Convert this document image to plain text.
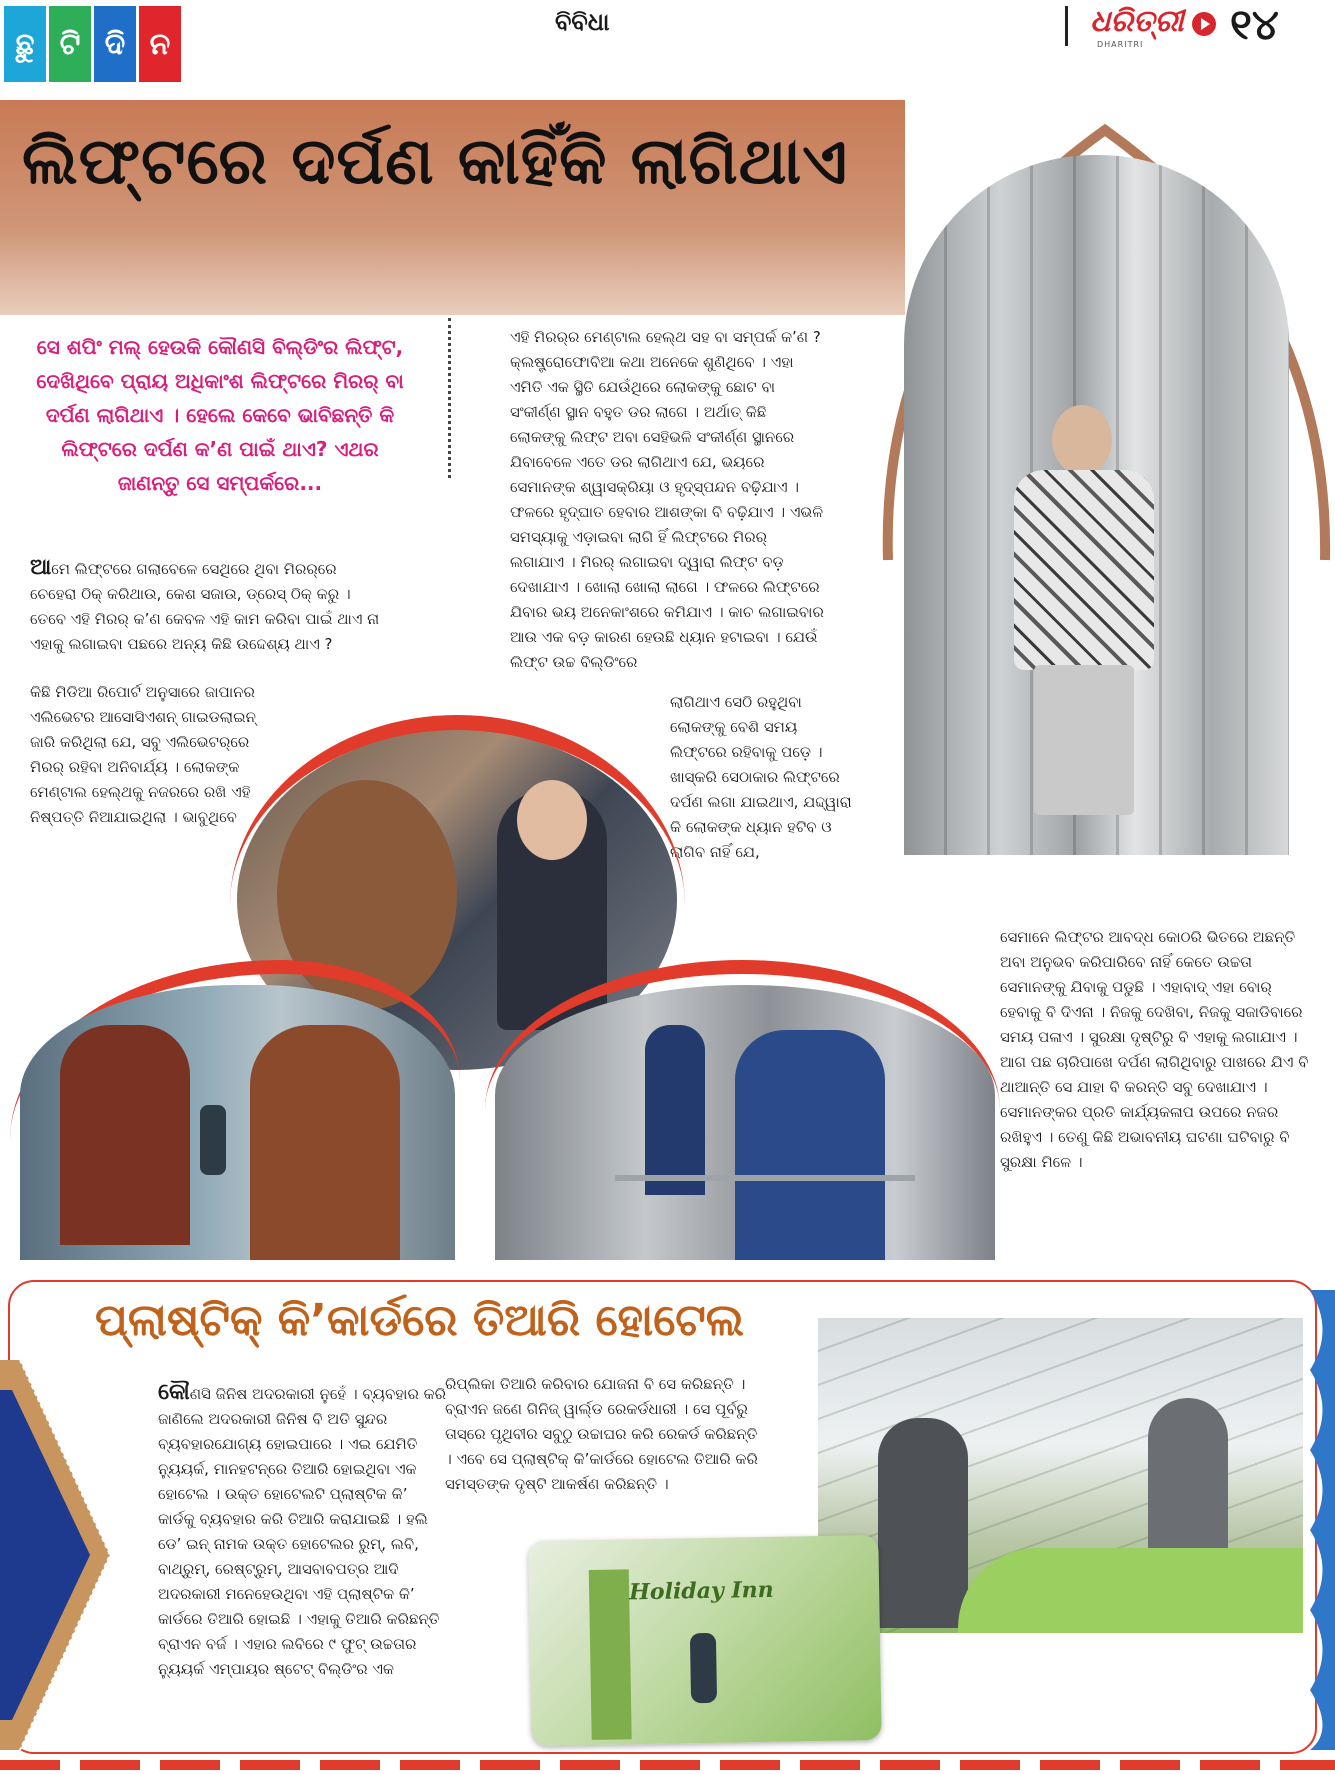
ଛୁ ଟି ଦି ନ
ବିବିଧା	ଧରିତ୍ରୀ
DHARITRI ୧୪
ଲିଫ୍ଟରେ ଦର୍ପଣ କାହିଁକି ଲାଗିଥାଏ
ସେ ଶପିଂ ମଲ୍ ହେଉକି କୌଣସି ବିଲ୍ଡିଂର ଲିଫ୍ଟ, ଦେଖିଥିବେ ପ୍ରାୟ ଅଧିକାଂଶ ଲିଫ୍ଟରେ ମିରର୍ ବା ଦର୍ପଣ ଲାଗିଥାଏ । ହେଲେ କେବେ ଭାବିଛନ୍ତି କି ଲିଫ୍ଟରେ ଦର୍ପଣ କ’ଣ ପାଇଁ ଥାଏ? ଏଥର ଜାଣନ୍ତୁ ସେ ସମ୍ପର୍କରେ...

ଆମେ ଲିଫ୍ଟରେ ଗଲାବେଳେ ସେଥିରେ ଥିବା ମିରର୍‌ରେ ଚେହେରା ଠିକ୍ କରିଥାଉ, କେଶ ସଜାଉ, ଡ୍ରେସ୍ ଠିକ୍ କରୁ । ତେବେ ଏହି ମିରର୍ କ’ଣ କେବଳ ଏହି କାମ କରିବା ପାଇଁ ଥାଏ ନା ଏହାକୁ ଲଗାଇବା ପଛରେ ଅନ୍ୟ କିଛି ଉଦ୍ଦେଶ୍ୟ ଥାଏ ?

କିଛି ମିଡିଆ ରିପୋର୍ଟ ଅନୁସାରେ ଜାପାନର ଏଲିଭେଟର ଆସୋସିଏଶନ୍ ଗାଇଡଲାଇନ୍ ଜାରି କରିଥିଲା ଯେ, ସବୁ ଏଲିଭେଟର୍‌ରେ ମିରର୍ ରହିବା ଅନିବାର୍ଯ୍ୟ । ଲୋକଙ୍କ ମେଣ୍ଟାଲ ହେଲ୍‌ଥକୁ ନଜରରେ ରଖି ଏହି ନିଷ୍ପତ୍ତି ନିଆଯାଇଥିଲା । ଭାବୁଥିବେ

ଏହି ମିରର୍‌ର ମେଣ୍ଟାଲ ହେଲ୍‌ଥ ସହ ବା ସମ୍ପର୍କ କ’ଣ ? କ୍ଲଷ୍ଟ୍ରୋଫୋବିଆ କଥା ଅନେକେ ଶୁଣିଥିବେ । ଏହା ଏମିତି ଏକ ସ୍ଥିତି ଯେଉଁଥିରେ ଲୋକଙ୍କୁ ଛୋଟ ବା ସଂକୀର୍ଣ୍ଣ ସ୍ଥାନ ବହୁତ ଡର ଲାଗେ । ଅର୍ଥାତ୍ କିଛି ଲୋକଙ୍କୁ ଲିଫ୍ଟ ଅବା ସେହିଭଳି ସଂକୀର୍ଣ୍ଣ ସ୍ଥାନରେ ଯିବାବେଳେ ଏତେ ଡର ଲାଗିଥାଏ ଯେ, ଭୟରେ ସେମାନଙ୍କ ଶ୍ୱାସକ୍ରିୟା ଓ ହୃଦ୍‌ସ୍ପନ୍ଦନ ବଢ଼ିଯାଏ । ଫଳରେ ହୃଦ୍‌ଘାତ ହେବାର ଆଶଙ୍କା ବି ବଢ଼ିଯାଏ । ଏଭଳି ସମସ୍ୟାକୁ ଏଡ଼ାଇବା ଲାଗି ହିଁ ଲିଫ୍ଟରେ ମିରର୍ ଲଗାଯାଏ । ମିରର୍ ଲଗାଇବା ଦ୍ୱାରା ଲିଫ୍ଟ ବଡ଼ ଦେଖାଯାଏ । ଖୋଲା ଖୋଲା ଲାଗେ । ଫଳରେ ଲିଫ୍ଟରେ ଯିବାର ଭୟ ଅନେକାଂଶରେ କମିଯାଏ । କାଚ ଲଗାଇବାର ଆଉ ଏକ ବଡ଼ କାରଣ ହେଉଛି ଧ୍ୟାନ ହଟାଇବା । ଯେଉଁ ଲିଫ୍ଟ ଉଚ୍ଚ ବିଲ୍ଡିଂରେ

ଲାଗିଥାଏ ସେଠି ରହୁଥିବା ଲୋକଙ୍କୁ ବେଶି ସମୟ ଲିଫ୍ଟରେ ରହିବାକୁ ପଡ଼େ । ଖାସ୍‌କରି ସେଠାକାର ଲିଫ୍ଟରେ ଦର୍ପଣ ଲଗା ଯାଇଥାଏ, ଯଦ୍ଦ୍ୱାରା କି ଲୋକଙ୍କ ଧ୍ୟାନ ହଟିବ ଓ ଲାଗିବ ନାହିଁ ଯେ,

ସେମାନେ ଲିଫ୍ଟର ଆବଦ୍ଧ କୋଠରି ଭିତରେ ଅଛନ୍ତି ଅବା ଅନୁଭବ କରିପାରିବେ ନାହିଁ କେତେ ଉଚ୍ଚତା ସେମାନଙ୍କୁ ଯିବାକୁ ପଡୁଛି । ଏହାବାଦ୍ ଏହା ବୋର୍ ହେବାକୁ ବି ଦିଏନା । ନିଜକୁ ଦେଖିବା, ନିଜକୁ ସଜାଡିବାରେ ସମୟ ପଳାଏ । ସୁରକ୍ଷା ଦୃଷ୍ଟିରୁ ବି ଏହାକୁ ଲଗାଯାଏ । ଆଗ ପଛ ଚାରିପାଖେ ଦର୍ପଣ ଲାଗିଥିବାରୁ ପାଖରେ ଯିଏ ବି ଥାଆନ୍ତି ସେ ଯାହା ବି କରନ୍ତି ସବୁ ଦେଖାଯାଏ । ସେମାନଙ୍କର ପ୍ରତି କାର୍ଯ୍ୟକଳାପ ଉପରେ ନଜର ରଖିହୁଏ । ତେଣୁ କିଛି ଅଭାବନୀୟ ଘଟଣା ଘଟିବାରୁ ବି ସୁରକ୍ଷା ମିଳେ ।

ପ୍ଲାଷ୍ଟିକ୍ କି’କାର୍ଡରେ ତିଆରି ହୋଟେଲ

କୌଣସି ଜିନିଷ ଅଦରକାରୀ ନୁହେଁ । ବ୍ୟବହାର କରି ଜାଣିଲେ ଅଦରକାରୀ ଜିନିଷ ବି ଅତି ସୁନ୍ଦର ବ୍ୟବହାରଯୋଗ୍ୟ ହୋଇପାରେ । ଏଇ ଯେମିତି ନ୍ୟୁୟର୍କ, ମାନହଟନ୍‌ରେ ତିଆରି ହୋଇଥିବା ଏକ ହୋଟେଲ । ଉକ୍ତ ହୋଟେଲଟି ପ୍ଲାଷ୍ଟିକ କି’ କାର୍ଡକୁ ବ୍ୟବହାର କରି ତିଆରି କରାଯାଇଛି । ହଲି ଡେ’ ଇନ୍ ନାମକ ଉକ୍ତ ହୋଟେଲର ରୁମ୍, ଲବି, ବାଥ୍‌ରୁମ୍, ରେଷ୍ଟ୍‌ରୁମ୍, ଆସବାବପତ୍ର ଆଦି ଅଦରକାରୀ ମନେହେଉଥିବା ଏହି ପ୍ଲାଷ୍ଟିକ କି’ କାର୍ଡରେ ତିଆରି ହୋଇଛି । ଏହାକୁ ତିଆରି କରିଛନ୍ତି ବ୍ରାଏନ ବର୍ଜ । ଏହାର ଲବିରେ ୯ ଫୁଟ୍ ଉଚ୍ଚତାର ନ୍ୟୁୟର୍କ ଏମ୍ପାୟର ଷ୍ଟେଟ୍ ବିଲ୍ଡିଂର ଏକ

ରିପ୍ଲିକା ତିଆରି କରିବାର ଯୋଜନା ବି ସେ କରିଛନ୍ତି । ବ୍ରାଏନ ଜଣେ ଗିନିଜ୍ ୱାର୍ଲ୍ଡ ରେକର୍ଡଧାରୀ । ସେ ପୂର୍ବରୁ ତାସ୍‌ରେ ପୃଥିବୀର ସବୁଠୁ ଉଚ୍ଚାଘର କରି ରେକର୍ଡ କରିଛନ୍ତି । ଏବେ ସେ ପ୍ଲାଷ୍ଟିକ୍ କି’କାର୍ଡରେ ହୋଟେଲ ତିଆରି କରି ସମସ୍ତଙ୍କ ଦୃଷ୍ଟି ଆକର୍ଷଣ କରିଛନ୍ତି ।

Holiday Inn
